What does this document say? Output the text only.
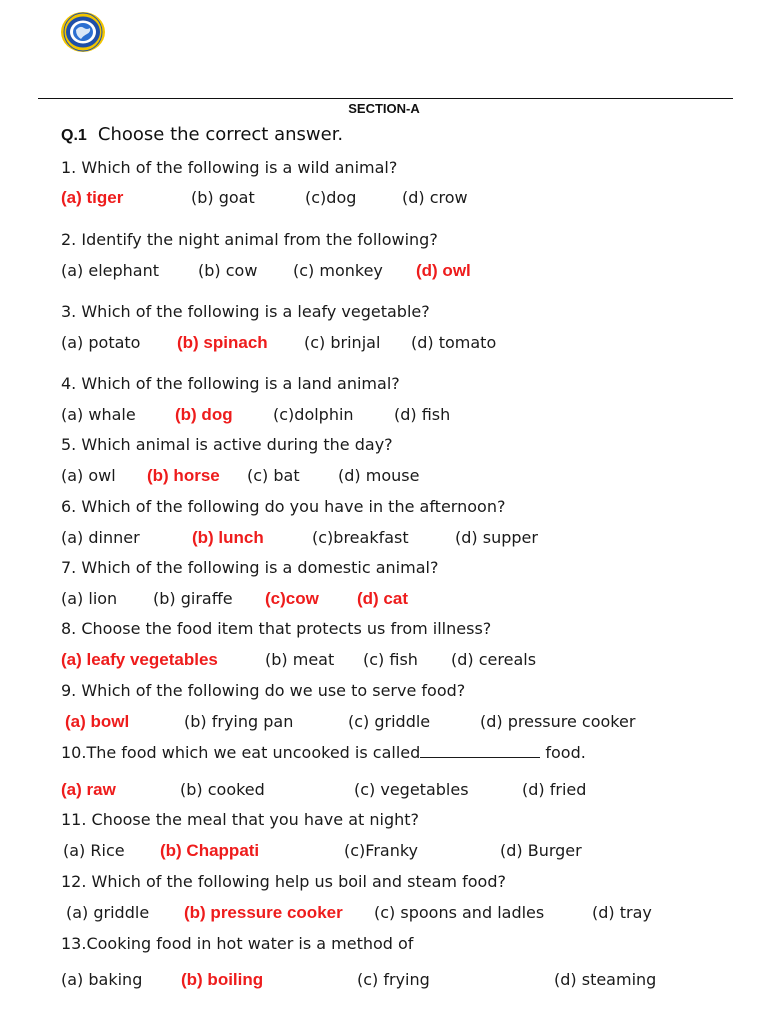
SECTION-A
Q.1 Choose the correct answer.
1. Which of the following is a wild animal?
(a) tiger	(b) goat	(c)dog	(d) crow
2. Identify the night animal from the following?
(a) elephant (b) cow (c) monkey (d) owl
3. Which of the following is a leafy vegetable?
(a) potato (b) spinach (c) brinjal (d) tomato
4. Which of the following is a land animal?
(a) whale (b) dog	(c)dolphin	(d) fish
5. Which animal is active during the day?
(a) owl (b) horse (c) bat (d) mouse
6. Which of the following do you have in the afternoon?
(a) dinner	(b) lunch	(c)breakfast	(d) supper
7. Which of the following is a domestic animal?
(a) lion (b) giraffe (c)cow (d) cat
8. Choose the food item that protects us from illness?
(a) leafy vegetables	(b) meat (c) fish (d) cereals
9. Which of the following do we use to serve food?
(a) bowl	(b) frying pan	(c) griddle	(d) pressure cooker
10.The food which we eat uncooked is called	food.
(a) raw	(b) cooked	(c) vegetables	(d) fried
11. Choose the meal that you have at night?
(a) Rice (b) Chappati	(c)Franky	(d) Burger
12. Which of the following help us boil and steam food?
(a) griddle (b) pressure cooker (c) spoons and ladles	(d) tray
13.Cooking food in hot water is a method of
(a) baking (b) boiling	(c) frying	(d) steaming
